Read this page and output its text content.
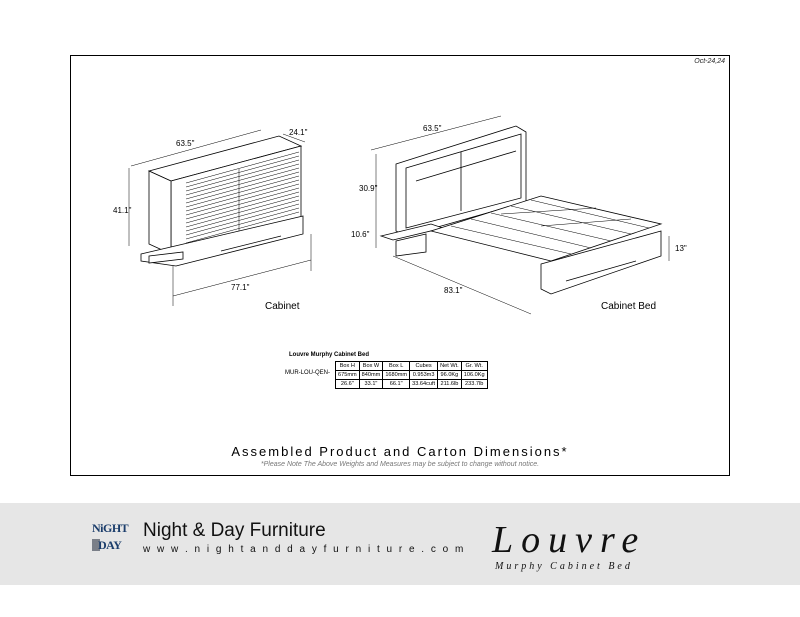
Oct-24,24
63.5"
24.1"
41.1"
77.1"
Cabinet
63.5"
30.9"
10.6"
13"
83.1"
Cabinet Bed
Louvre Murphy Cabinet Bed
MUR-LOU-QEN-
Box H	Box W	Box L	Cubes	Net Wt.	Gr. Wt.
675mm	840mm	1680mm	0.953m3	96.0Kg	106.0Kg
26.6"	33.1"	66.1"	33.64cuft	211.6lb	233.7lb
Assembled Product and Carton Dimensions*
*Please Note The Above Weights and Measures may be subject to change without notice.
NiGHT
DAY
Night & Day Furniture
w w w . n i g h t a n d d a y f u r n i t u r e . c o m Louvre
Murphy Cabinet Bed
